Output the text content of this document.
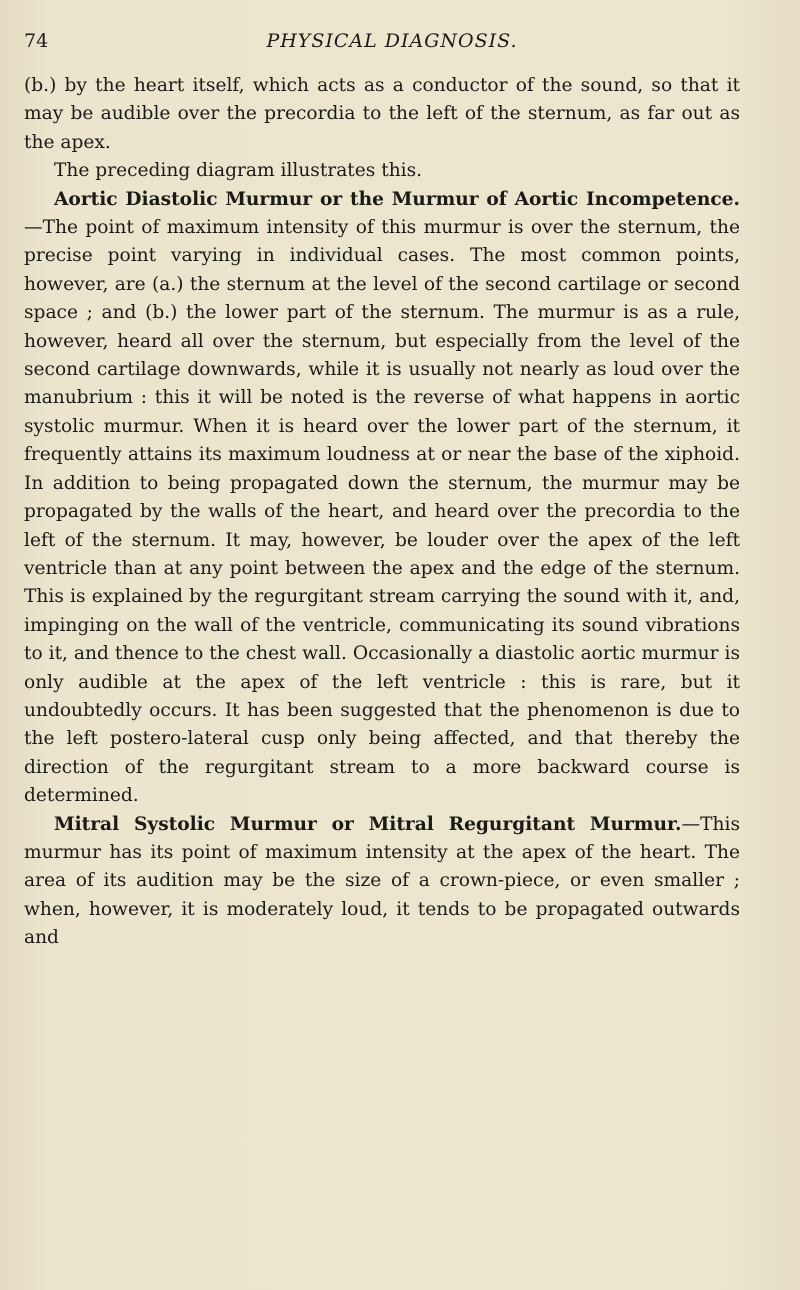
74	PHYSICAL DIAGNOSIS.

(b.) by the heart itself, which acts as a conductor of the sound, so that it may be audible over the precordia to the left of the sternum, as far out as the apex.

The preceding diagram illustrates this.

Aortic Diastolic Murmur or the Murmur of Aortic Incompetence.—The point of maximum intensity of this murmur is over the sternum, the precise point varying in individual cases. The most common points, however, are (a.) the sternum at the level of the second cartilage or second space ; and (b.) the lower part of the sternum. The murmur is as a rule, however, heard all over the sternum, but especially from the level of the second cartilage downwards, while it is usually not nearly as loud over the manubrium : this it will be noted is the reverse of what happens in aortic systolic murmur. When it is heard over the lower part of the sternum, it frequently attains its maximum loudness at or near the base of the xiphoid. In addition to being propagated down the sternum, the murmur may be propagated by the walls of the heart, and heard over the precordia to the left of the sternum. It may, however, be louder over the apex of the left ventricle than at any point between the apex and the edge of the sternum. This is explained by the regurgitant stream carrying the sound with it, and, impinging on the wall of the ventricle, communicating its sound vibrations to it, and thence to the chest wall. Occasionally a diastolic aortic murmur is only audible at the apex of the left ventricle : this is rare, but it undoubtedly occurs. It has been suggested that the phenomenon is due to the left postero-lateral cusp only being affected, and that thereby the direction of the regurgitant stream to a more backward course is determined.

Mitral Systolic Murmur or Mitral Regurgitant Murmur.—This murmur has its point of maximum intensity at the apex of the heart. The area of its audition may be the size of a crown-piece, or even smaller ; when, however, it is moderately loud, it tends to be propagated outwards and
